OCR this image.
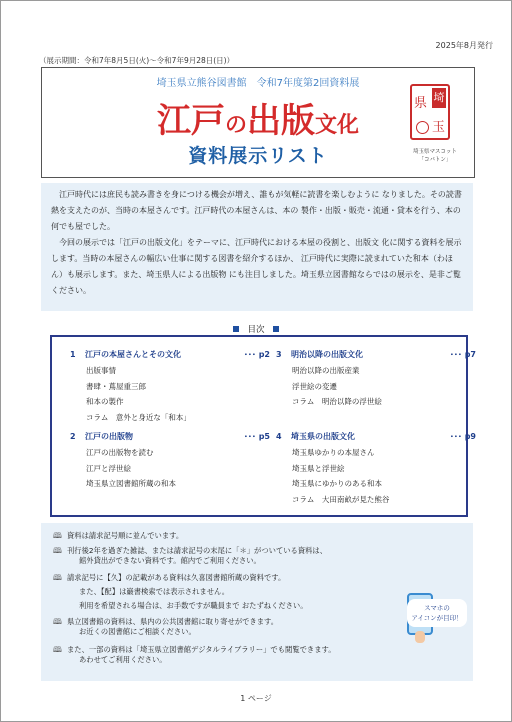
2025年8月発行
（展示期間：令和7年8月5日(火)〜令和7年9月28日(日)）
埼玉県立熊谷図書館　令和7年度第2回資料展
江戸の出版文化
資料展示リスト
埼
県
玉
埼玉県マスコット
「コバトン」

江戸時代には庶民も読み書きを身につける機会が増え、誰もが気軽に読書を楽しむように なりました。その読書熱を支えたのが、当時の本屋さんです。江戸時代の本屋さんは、本の 製作・出版・販売・流通・貸本を行う、本の何でも屋でした。

今回の展示では「江戸の出版文化」をテーマに、江戸時代における本屋の役割と、出版文 化に関する資料を展示します。当時の本屋さんの幅広い仕事に関する図書を紹介するほか、 江戸時代に実際に読まれていた和本（わほん）も展示します。また、埼玉県人による出版物 にも注目しました。埼玉県立図書館ならではの展示を、是非ご覧ください。

目次
1 江戸の本屋さんとその文化	･･･ p2
出版事情
書肆・蔦屋重三郎
和本の製作
コラム　意外と身近な「和本」
2 江戸の出版物	･･･ p5
江戸の出版物を読む
江戸と浮世絵
埼玉県立図書館所蔵の和本
3 明治以降の出版文化	･･･ p7
明治以降の出版産業
浮世絵の変遷
コラム　明治以降の浮世絵
4 埼玉県の出版文化	･･･ p9
埼玉県ゆかりの本屋さん
埼玉県と浮世絵
埼玉県にゆかりのある和本
コラム　大田南畝が見た熊谷
🕮 資料は請求記号順に並んでいます。
🕮 刊行後2年を過ぎた雑誌、または請求記号の末尾に「＊」がついている資料は、
館外貸出ができない資料です。館内でご利用ください。
🕮 請求記号に【久】の記載がある資料は久喜図書館所蔵の資料です。
また、【配】は巌書検索では表示されません。
利用を希望される場合は、お手数ですが職員まで おたずねください。
🕮 県立図書館の資料は、県内の公共図書館に取り寄せができます。
お近くの図書館にご相談ください。
🕮 また、一部の資料は「埼玉県立図書館デジタルライブラリー」でも閲覧できます。
あわせてご利用ください。
スマホの
アイコンが目印！
1 ページ
